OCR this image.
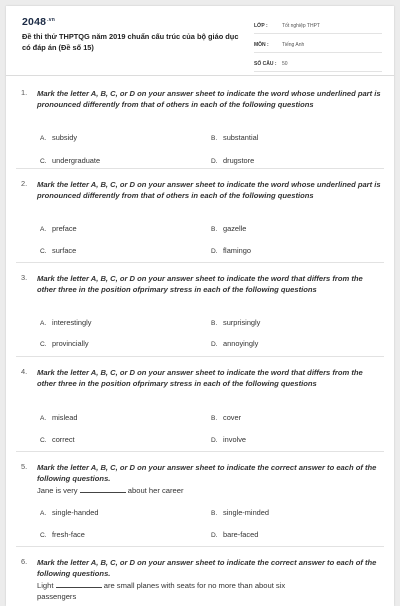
$2048^{.vn}$
Đề thi thử THPTQG năm 2019 chuẩn cấu trúc của bộ giáo dục có đáp án (Đề số 15)
LỚP :	Tốt nghiệp THPT
MÔN :	Tiếng Anh
SỐ CÂU :	50
1. Mark the letter A, B, C, or D on your answer sheet to indicate the word whose underlined part is pronounced differently from that of others in each of the following questions
A. subsidy	B. substantial
C. undergraduate	D. drugstore
2. Mark the letter A, B, C, or D on your answer sheet to indicate the word whose underlined part is pronounced differently from that of others in each of the following questions
A. preface	B. gazelle
C. surface	D. flamingo
3. Mark the letter A, B, C, or D on your answer sheet to indicate the word that differs from the other three in the position ofprimary stress in each of the following questions
A. interestingly	B. surprisingly
C. provincially	D. annoyingly
4. Mark the letter A, B, C, or D on your answer sheet to indicate the word that differs from the other three in the position ofprimary stress in each of the following questions
A. mislead	B. cover
C. correct	D. involve
5. Mark the letter A, B, C, or D on your answer sheet to indicate the correct answer to each of the following questions.
Jane is very	about her career
A. single-handed	B. single-minded
C. fresh-face	D. bare-faced
6. Mark the letter A, B, C, or D on your answer sheet to indicate the correct answer to each of the following questions.
Light	are small planes with seats for no more than about six
passengers
